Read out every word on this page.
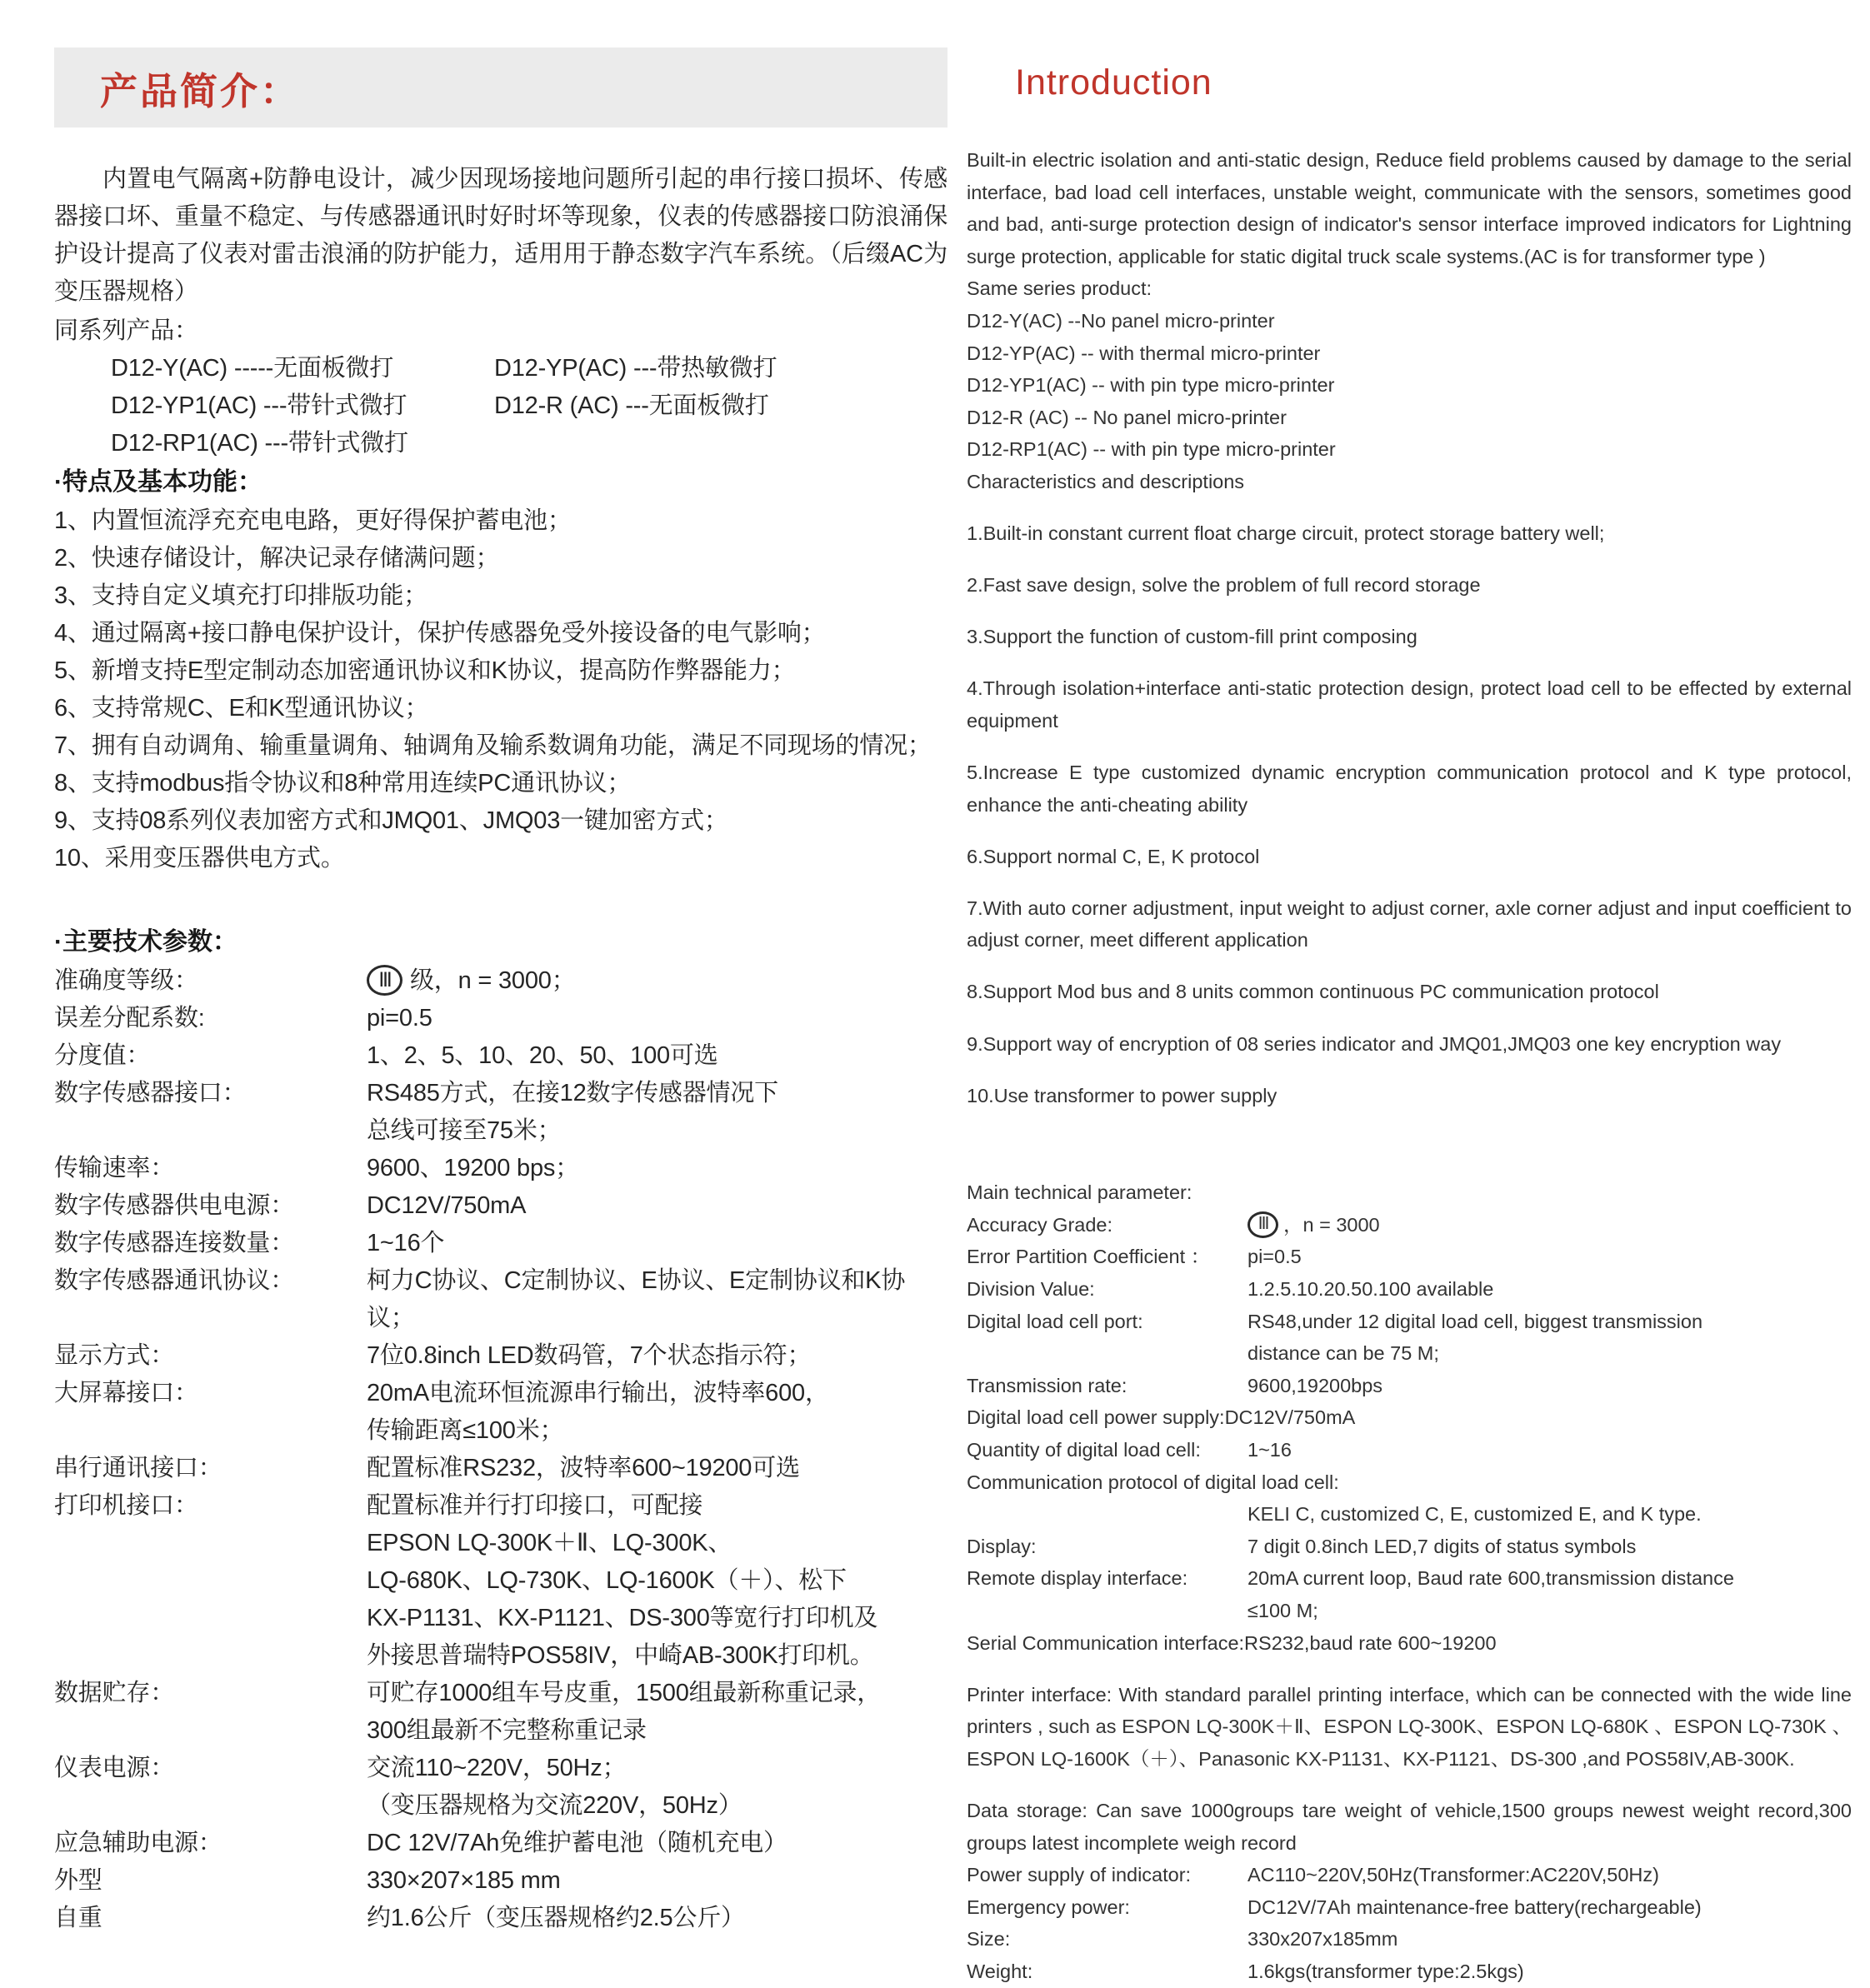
产品简介：

内置电气隔离+防静电设计，减少因现场接地问题所引起的串行接口损坏、传感器接口坏、重量不稳定、与传感器通讯时好时坏等现象，仪表的传感器接口防浪涌保护设计提高了仪表对雷击浪涌的防护能力，适用用于静态数字汽车系统。（后缀AC为变压器规格）

同系列产品：
D12-Y(AC) -----无面板微打	D12-YP(AC) ---带热敏微打
D12-YP1(AC) ---带针式微打	D12-R (AC) ---无面板微打
D12-RP1(AC) ---带针式微打
·特点及基本功能：
1、内置恒流浮充充电电路，更好得保护蓄电池；
2、快速存储设计，解决记录存储满问题；
3、支持自定义填充打印排版功能；
4、通过隔离+接口静电保护设计，保护传感器免受外接设备的电气影响；
5、新增支持E型定制动态加密通讯协议和K协议，提高防作弊器能力；
6、支持常规C、E和K型通讯协议；
7、拥有自动调角、输重量调角、轴调角及输系数调角功能，满足不同现场的情况；
8、支持modbus指令协议和8种常用连续PC通讯协议；
9、支持08系列仪表加密方式和JMQ01、JMQ03一键加密方式；
10、采用变压器供电方式。
·主要技术参数：
准确度等级：	Ⅲ 级，n = 3000；
误差分配系数:	pi=0.5
分度值：	1、2、5、10、20、50、100可选
数字传感器接口：	RS485方式，在接12数字传感器情况下
总线可接至75米；
传输速率：	9600、19200 bps；
数字传感器供电电源：	DC12V/750mA
数字传感器连接数量：	1~16个
数字传感器通讯协议：	柯力C协议、C定制协议、E协议、E定制协议和K协议；
显示方式：	7位0.8inch LED数码管，7个状态指示符；
大屏幕接口：	20mA电流环恒流源串行输出，波特率600，
传输距离≤100米；
串行通讯接口：	配置标准RS232，波特率600~19200可选
打印机接口：	配置标准并行打印接口，可配接
EPSON LQ-300K＋Ⅱ、LQ-300K、
LQ-680K、LQ-730K、LQ-1600K（＋）、松下
KX-P1131、KX-P1121、DS-300等宽行打印机及
外接思普瑞特POS58IV，中崎AB-300K打印机。
数据贮存：	可贮存1000组车号皮重，1500组最新称重记录，
300组最新不完整称重记录
仪表电源：	交流110~220V，50Hz；
（变压器规格为交流220V，50Hz）
应急辅助电源：	DC 12V/7Ah免维护蓄电池（随机充电）
外型	330×207×185 mm
自重	约1.6公斤（变压器规格约2.5公斤）
Introduction

Built-in electric isolation and anti-static design, Reduce field problems caused by damage to the serial interface, bad load cell interfaces, unstable weight, communicate with the sensors, sometimes good and bad, anti-surge protection design of indicator's sensor interface improved indicators for Lightning surge protection, applicable for static digital truck scale systems.(AC is for transformer type )

Same series product:
D12-Y(AC) --No panel micro-printer
D12-YP(AC) -- with thermal micro-printer
D12-YP1(AC) -- with pin type micro-printer
D12-R (AC) -- No panel micro-printer
D12-RP1(AC) -- with pin type micro-printer
Characteristics and descriptions

1.Built-in constant current float charge circuit, protect storage battery well;

2.Fast save design, solve the problem of full record storage

3.Support the function of custom-fill print composing

4.Through isolation+interface anti-static protection design, protect load cell to be effected by external equipment

5.Increase E type customized dynamic encryption communication protocol and K type protocol, enhance the anti-cheating ability

6.Support normal C, E, K protocol

7.With auto corner adjustment, input weight to adjust corner, axle corner adjust and input coefficient to adjust corner, meet different application

8.Support Mod bus and 8 units common continuous PC communication protocol

9.Support way of encryption of 08 series indicator and JMQ01,JMQ03 one key encryption way

10.Use transformer to power supply

Main technical parameter:
Accuracy Grade:	Ⅲ ，n = 3000
Error Partition Coefficient ：	pi=0.5
Division Value:	1.2.5.10.20.50.100 available
Digital load cell port:	RS48,under 12 digital load cell, biggest transmission
distance can be 75 M;
Transmission rate:	9600,19200bps
Digital load cell power supply:DC12V/750mA
Quantity of digital load cell:	1~16
Communication protocol of digital load cell:
KELI C, customized C, E, customized E, and K type.
Display:	7 digit 0.8inch LED,7 digits of status symbols
Remote display interface:	20mA current loop, Baud rate 600,transmission distance
≤100 M;
Serial Communication interface:RS232,baud rate 600~19200

Printer interface: With standard parallel printing interface, which can be connected with the wide line printers , such as ESPON LQ-300K＋Ⅱ、ESPON LQ-300K、ESPON LQ-680K 、ESPON LQ-730K 、ESPON LQ-1600K（＋）、Panasonic KX-P1131、KX-P1121、DS-300 ,and POS58IV,AB-300K.

Data storage: Can save 1000groups tare weight of vehicle,1500 groups newest weight record,300 groups latest incomplete weigh record

Power supply of indicator:	AC110~220V,50Hz(Transformer:AC220V,50Hz)
Emergency power:	DC12V/7Ah maintenance-free battery(rechargeable)
Size:	330x207x185mm
Weight:	1.6kgs(transformer type:2.5kgs)
